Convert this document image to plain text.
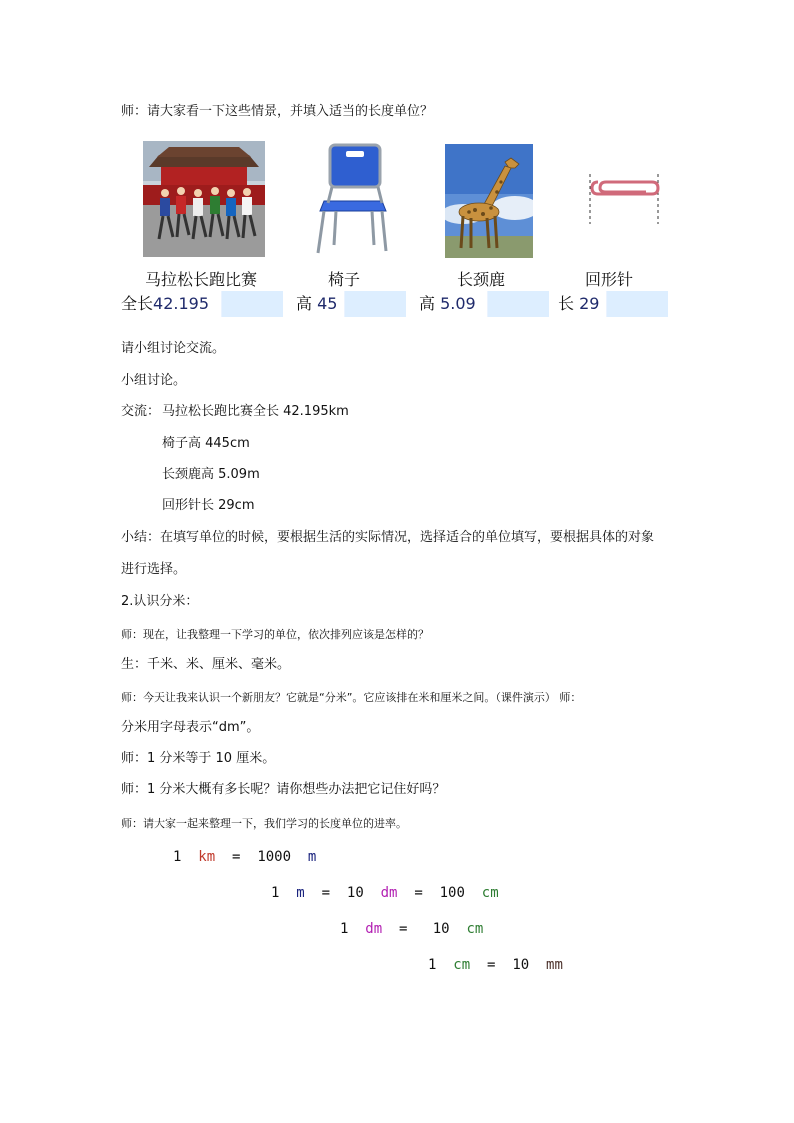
师：请大家看一下这些情景，并填入适当的长度单位？
马拉松长跑比赛	椅子	长颈鹿	回形针
全长42.195	高 45	高 5.09	长 29
请小组讨论交流。
小组讨论。
交流： 马拉松长跑比赛全长 42.195km
椅子高 445cm
长颈鹿高 5.09m
回形针长 29cm
小结：在填写单位的时候，要根据生活的实际情况，选择适合的单位填写，要根据具体的对象
进行选择。
2.认识分米：
师：现在，让我整理一下学习的单位，依次排列应该是怎样的？
生：千米、米、厘米、毫米。
师：今天让我来认识一个新朋友？它就是“分米”。它应该排在米和厘米之间。（课件演示） 师：
分米用字母表示“dm”。
师：1 分米等于 10 厘米。
师：1 分米大概有多长呢？请你想些办法把它记住好吗？
师：请大家一起来整理一下，我们学习的长度单位的进率。
1 km = 1000 m
1 m = 10 dm = 100 cm
1 dm = 10 cm
1 cm = 10 mm
